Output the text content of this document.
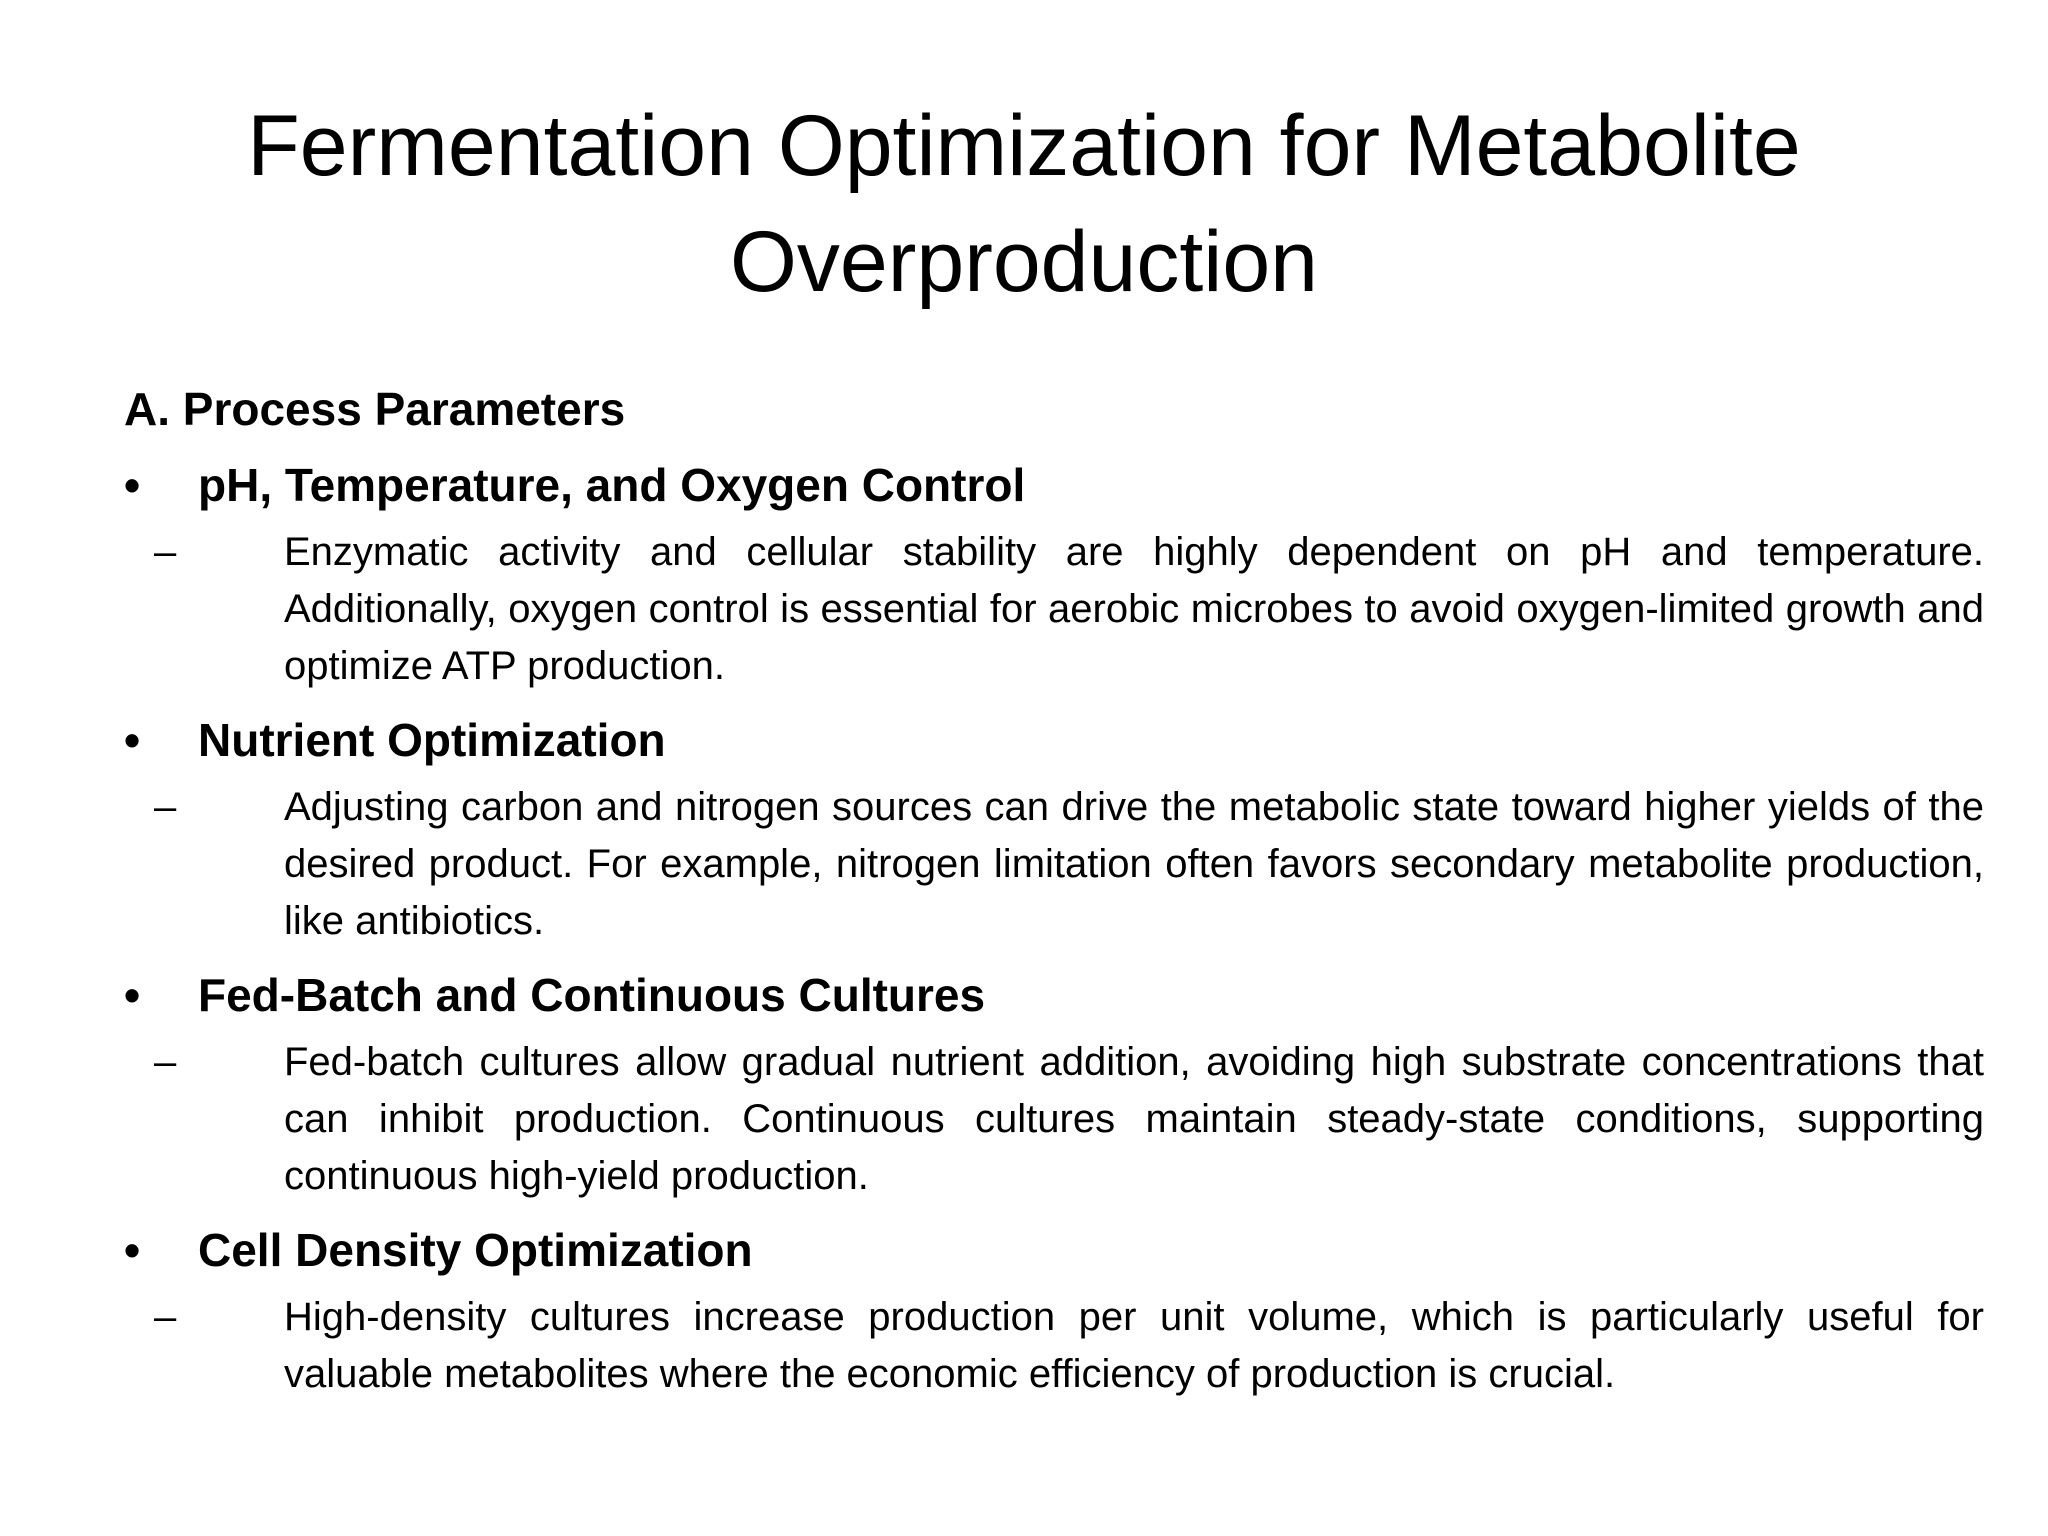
Fermentation Optimization for Metabolite Overproduction
A. Process Parameters
•	pH, Temperature, and Oxygen Control
–	Enzymatic activity and cellular stability are highly dependent on pH and temperature. Additionally, oxygen control is essential for aerobic microbes to avoid oxygen-limited growth and optimize ATP production.
•	Nutrient Optimization
–	Adjusting carbon and nitrogen sources can drive the metabolic state toward higher yields of the desired product. For example, nitrogen limitation often favors secondary metabolite production, like antibiotics.
•	Fed-Batch and Continuous Cultures
–	Fed-batch cultures allow gradual nutrient addition, avoiding high substrate concentrations that can inhibit production. Continuous cultures maintain steady-state conditions, supporting continuous high-yield production.
•	Cell Density Optimization
–	High-density cultures increase production per unit volume, which is particularly useful for valuable metabolites where the economic efficiency of production is crucial.
